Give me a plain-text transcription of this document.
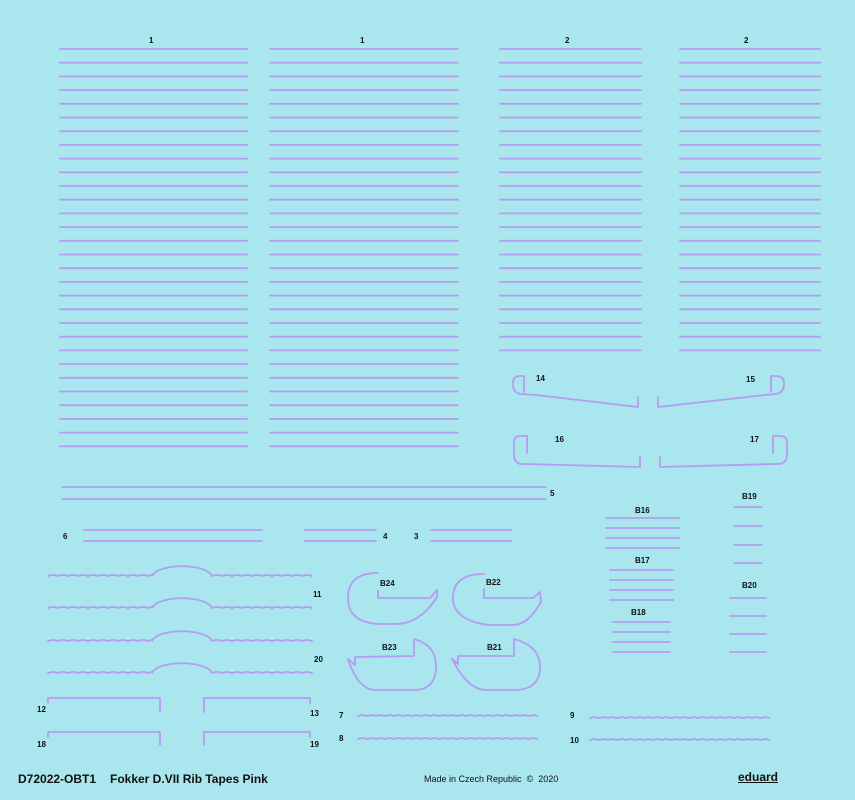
1	1	2	2
14	15
16	17
5
6	4	3
B16
B17
B18
B19
B20
B24	B22
B23	B21
11
20
12	13
18	19
7
8
9
10
D72022-OBT1 Fokker D.VII Rib Tapes Pink	Made in Czech Republic © 2020	eduard
